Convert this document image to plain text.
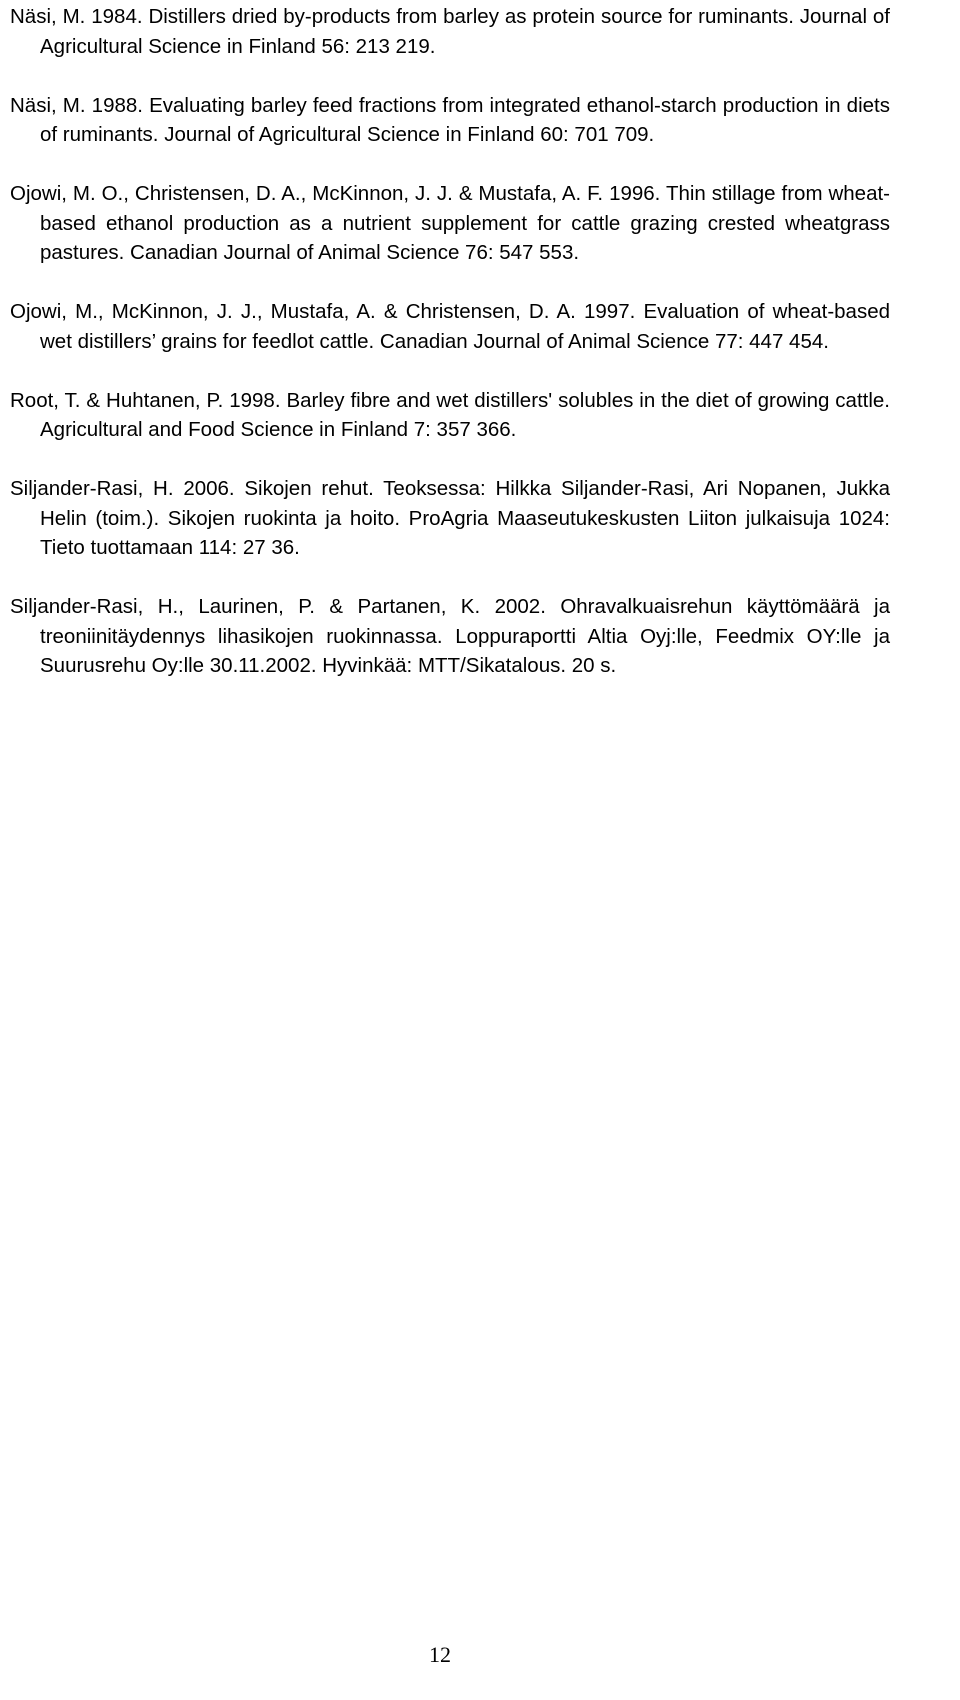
Näsi, M. 1984. Distillers dried by-products from barley as protein source for ruminants. Journal of Agricultural Science in Finland 56: 213 219.

Näsi, M. 1988. Evaluating barley feed fractions from integrated ethanol-starch production in diets of ruminants. Journal of Agricultural Science in Finland 60: 701 709.

Ojowi, M. O., Christensen, D. A., McKinnon, J. J. & Mustafa, A. F. 1996. Thin stillage from wheat-based ethanol production as a nutrient supplement for cattle grazing crested wheatgrass pastures. Canadian Journal of Animal Science 76: 547 553.

Ojowi, M., McKinnon, J. J., Mustafa, A. & Christensen, D. A. 1997. Evaluation of wheat-based wet distillers’ grains for feedlot cattle. Canadian Journal of Animal Science 77: 447 454.

Root, T. & Huhtanen, P. 1998. Barley fibre and wet distillers' solubles in the diet of growing cattle. Agricultural and Food Science in Finland 7: 357 366.

Siljander-Rasi, H. 2006. Sikojen rehut. Teoksessa: Hilkka Siljander-Rasi, Ari Nopanen, Jukka Helin (toim.). Sikojen ruokinta ja hoito. ProAgria Maaseutukeskusten Liiton julkaisuja 1024: Tieto tuottamaan 114: 27 36.

Siljander-Rasi, H., Laurinen, P. & Partanen, K. 2002. Ohravalkuaisrehun käyttömäärä ja treoniinitäydennys lihasikojen ruokinnassa. Loppuraportti Altia Oyj:lle, Feedmix OY:lle ja Suurusrehu Oy:lle 30.11.2002. Hyvinkää: MTT/Sikatalous. 20 s.

12
